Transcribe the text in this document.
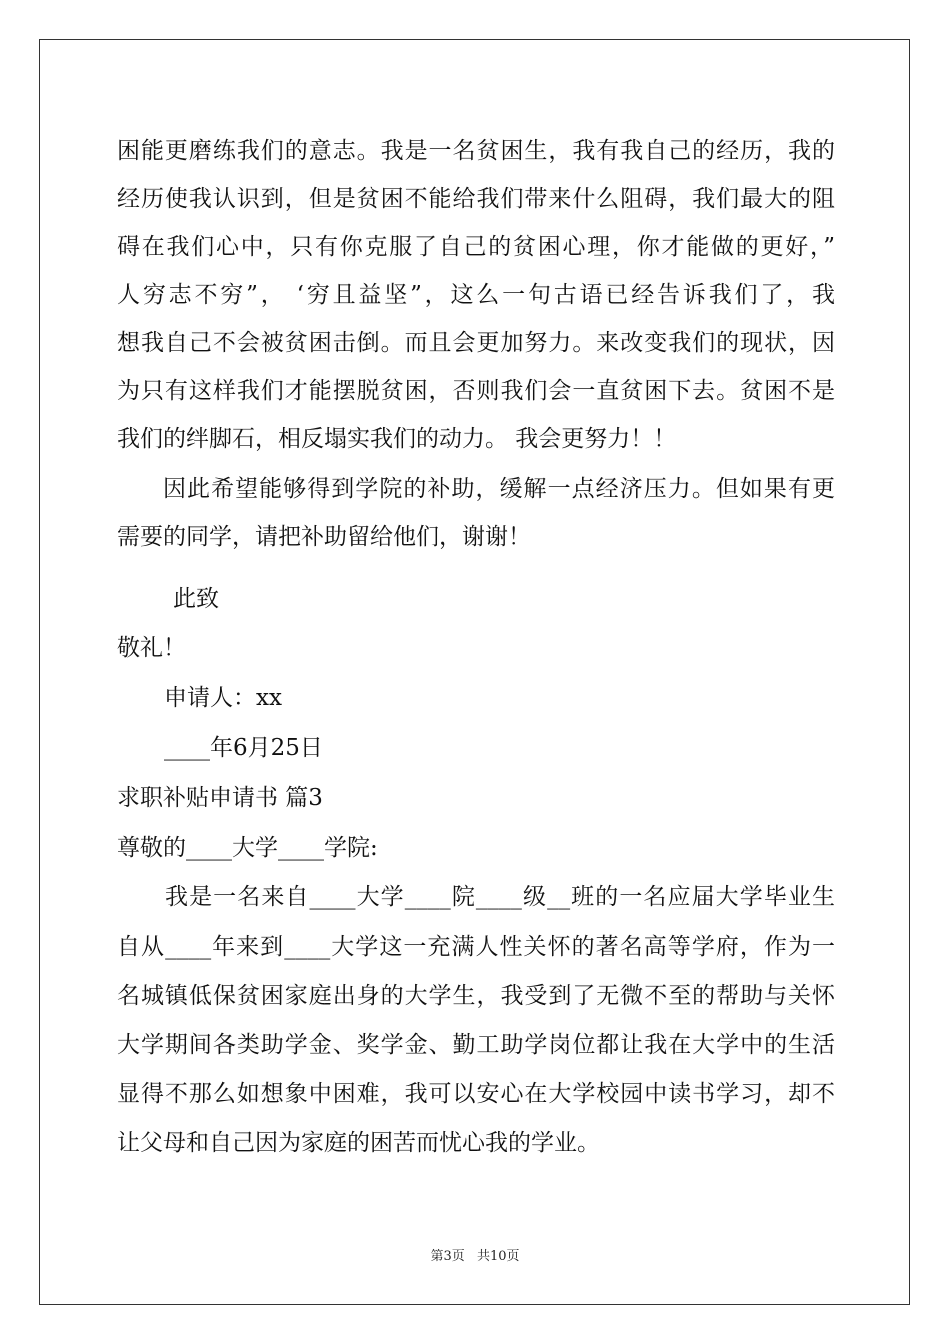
困能更磨练我们的意志。我是一名贫困生，我有我自己的经历，我的
经历使我认识到，但是贫困不能给我们带来什么阻碍，我们最大的阻
碍在我们心中，只有你克服了自己的贫困心理，你才能做的更好，”
人穷志不穷”， ‘穷且益坚”，这么一句古语已经告诉我们了，我
想我自己不会被贫困击倒。而且会更加努力。来改变我们的现状，因
为只有这样我们才能摆脱贫困，否则我们会一直贫困下去。贫困不是
我们的绊脚石，相反塌实我们的动力。 我会更努力！！
因此希望能够得到学院的补助，缓解一点经济压力。但如果有更
需要的同学，请把补助留给他们，谢谢！
此致
敬礼！
申请人：xx
____年6月25日
求职补贴申请书 篇3
尊敬的____大学____学院:
我是一名来自____大学____院____级__班的一名应届大学毕业生
自从____年来到____大学这一充满人性关怀的著名高等学府，作为一
名城镇低保贫困家庭出身的大学生，我受到了无微不至的帮助与关怀
大学期间各类助学金、奖学金、勤工助学岗位都让我在大学中的生活
显得不那么如想象中困难，我可以安心在大学校园中读书学习，却不
让父母和自己因为家庭的困苦而忧心我的学业。
第3页 共10页
